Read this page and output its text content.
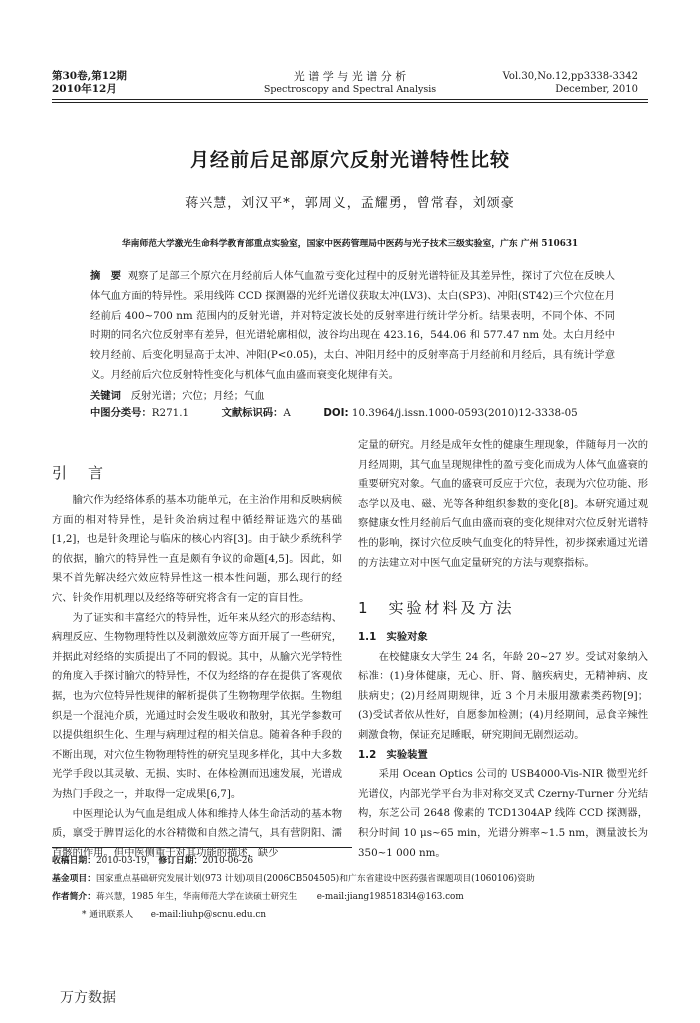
第30卷,第12期
2010年12月
光 谱 学 与 光 谱 分 析
Spectroscopy and Spectral Analysis
Vol.30,No.12,pp3338-3342
December, 2010
月经前后足部原穴反射光谱特性比较
蒋兴慧，刘汉平*，郭周义，孟耀勇，曾常春，刘颂豪
华南师范大学激光生命科学教育部重点实验室，国家中医药管理局中医药与光子技术三级实验室，广东 广州 510631
摘　要 观察了足部三个原穴在月经前后人体气血盈亏变化过程中的反射光谱特征及其差异性，探讨了穴位在反映人体气血方面的特异性。采用线阵 CCD 探测器的光纤光谱仪获取太冲(LV3)、太白(SP3)、冲阳(ST42)三个穴位在月经前后 400~700 nm 范围内的反射光谱，并对特定波长处的反射率进行统计学分析。结果表明，不同个体、不同时期的同名穴位反射率有差异，但光谱轮廓相似，波谷均出现在 423.16，544.06 和 577.47 nm 处。太白月经中较月经前、后变化明显高于太冲、冲阳(P<0.05)，太白、冲阳月经中的反射率高于月经前和月经后，具有统计学意义。月经前后穴位反射特性变化与机体气血由盛而衰变化规律有关。
关键词 反射光谱；穴位；月经；气血
中图分类号：R271.1	文献标识码：A	DOI: 10.3964/j.issn.1000-0593(2010)12-3338-05
引　言

腧穴作为经络体系的基本功能单元，在主治作用和反映病候方面的相对特异性，是针灸治病过程中循经辩证选穴的基础[1,2]，也是针灸理论与临床的核心内容[3]。由于缺少系统科学的依据，腧穴的特异性一直是颇有争议的命题[4,5]。因此，如果不首先解决经穴效应特异性这一根本性问题，那么现行的经穴、针灸作用机理以及经络等研究将含有一定的盲目性。

为了证实和丰富经穴的特异性，近年来从经穴的形态结构、病理反应、生物物理特性以及刺激效应等方面开展了一些研究，并据此对经络的实质提出了不同的假说。其中，从腧穴光学特性的角度入手探讨腧穴的特异性，不仅为经络的存在提供了客观依据，也为穴位特异性规律的解析提供了生物物理学依据。生物组织是一个混沌介质，光通过时会发生吸收和散射，其光学参数可以提供组织生化、生理与病理过程的相关信息。随着各种手段的不断出现，对穴位生物物理特性的研究呈现多样化，其中大多数光学手段以其灵敏、无损、实时、在体检测而迅速发展，光谱成为热门手段之一，并取得一定成果[6,7]。

中医理论认为气血是组成人体和维持人体生命活动的基本物质，禀受于脾胃运化的水谷精微和自然之清气，具有营阴阳、濡百骸的作用。但中医侧重于对其功能的描述，缺少

定量的研究。月经是成年女性的健康生理现象，伴随每月一次的月经周期，其气血呈现规律性的盈亏变化而成为人体气血盛衰的重要研究对象。气血的盛衰可反应于穴位，表现为穴位功能、形态学以及电、磁、光等各种组织参数的变化[8]。本研究通过观察健康女性月经前后气血由盛而衰的变化规律对穴位反射光谱特性的影响，探讨穴位反映气血变化的特异性，初步探索通过光谱的方法建立对中医气血定量研究的方法与观察指标。

1　实验材料及方法
1.1　实验对象

在校健康女大学生 24 名，年龄 20~27 岁。受试对象纳入标准：(1)身体健康，无心、肝、肾、脑疾病史，无精神病、皮肤病史；(2)月经周期规律，近 3 个月未服用激素类药物[9]；(3)受试者依从性好，自愿参加检测；(4)月经期间，忌食辛辣性刺激食物，保证充足睡眠，研究期间无剧烈运动。

1.2　实验装置

采用 Ocean Optics 公司的 USB4000-Vis-NIR 微型光纤光谱仪，内部光学平台为非对称交叉式 Czerny-Turner 分光结构，东芝公司 2648 像素的 TCD1304AP 线阵 CCD 探测器，积分时间 10 μs~65 min，光谱分辨率~1.5 nm，测量波长为 350~1 000 nm。

收稿日期：2010-03-19， 修订日期：2010-06-26
基金项目：国家重点基础研究发展计划(973 计划)项目(2006CB504505)和广东省建设中医药强省课题项目(1060106)资助
作者简介：蒋兴慧，1985 年生，华南师范大学在读硕士研究生 e-mail:jiang1985183l4@163.com
* 通讯联系人 e-mail:liuhp@scnu.edu.cn
万方数据
